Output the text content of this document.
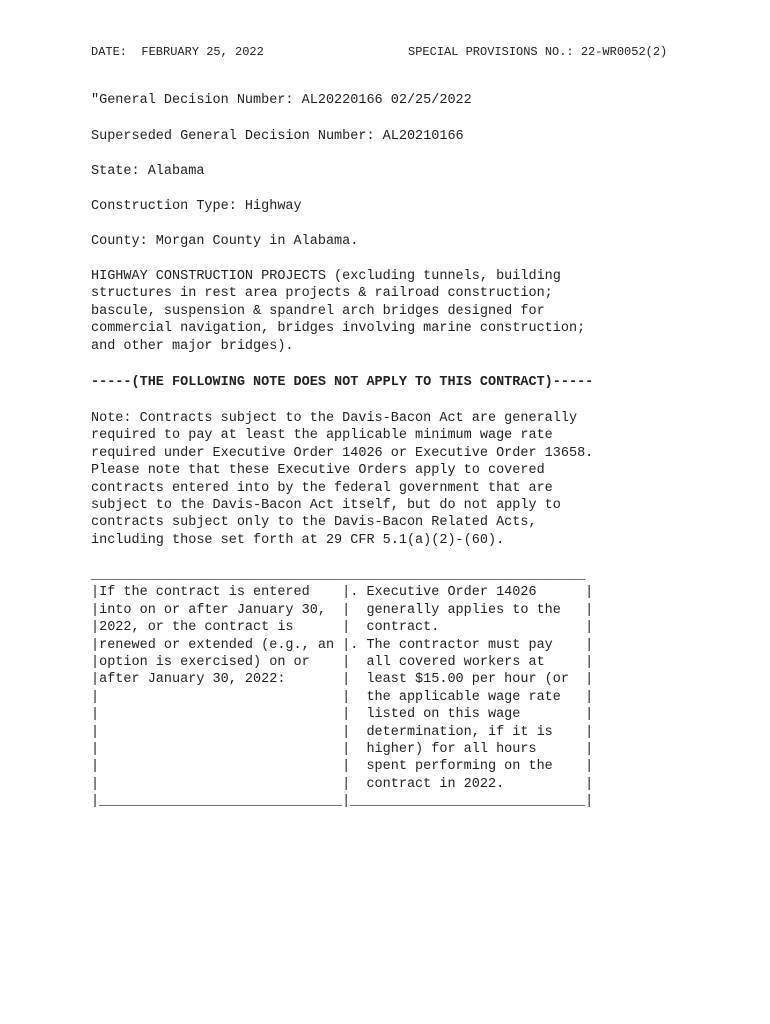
DATE:  FEBRUARY 25, 2022	SPECIAL PROVISIONS NO.: 22-WR0052(2)
"General Decision Number: AL20220166 02/25/2022
Superseded General Decision Number: AL20210166
State: Alabama
Construction Type: Highway
County: Morgan County in Alabama.
HIGHWAY CONSTRUCTION PROJECTS (excluding tunnels, building
structures in rest area projects & railroad construction;
bascule, suspension & spandrel arch bridges designed for
commercial navigation, bridges involving marine construction;
and other major bridges).
-----(THE FOLLOWING NOTE DOES NOT APPLY TO THIS CONTRACT)-----
Note: Contracts subject to the Davis-Bacon Act are generally
required to pay at least the applicable minimum wage rate
required under Executive Order 14026 or Executive Order 13658.
Please note that these Executive Orders apply to covered
contracts entered into by the federal government that are
subject to the Davis-Bacon Act itself, but do not apply to
contracts subject only to the Davis-Bacon Related Acts,
including those set forth at 29 CFR 5.1(a)(2)-(60).
_____________________________________________________________
|If the contract is entered    |. Executive Order 14026      |
|into on or after January 30,  |  generally applies to the   |
|2022, or the contract is      |  contract.                  |
|renewed or extended (e.g., an |. The contractor must pay    |
|option is exercised) on or    |  all covered workers at     |
|after January 30, 2022:       |  least $15.00 per hour (or  |
|                              |  the applicable wage rate   |
|                              |  listed on this wage        |
|                              |  determination, if it is    |
|                              |  higher) for all hours      |
|                              |  spent performing on the    |
|                              |  contract in 2022.          |
|______________________________|_____________________________|
